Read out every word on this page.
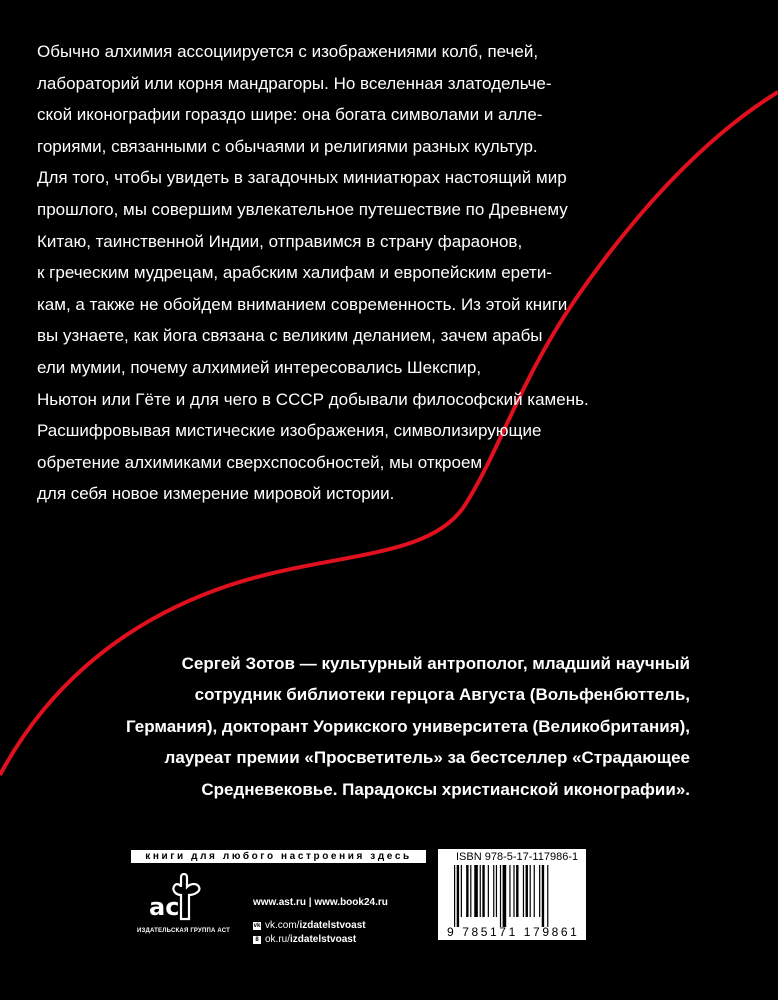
Обычно алхимия ассоциируется с изображениями колб, печей,
лабораторий или корня мандрагоры. Но вселенная златодельче-
ской иконографии гораздо шире: она богата символами и алле-
гориями, связанными с обычаями и религиями разных культур.
Для того, чтобы увидеть в загадочных миниатюрах настоящий мир
прошлого, мы совершим увлекательное путешествие по Древнему
Китаю, таинственной Индии, отправимся в страну фараонов,
к греческим мудрецам, арабским халифам и европейским ерети-
кам, а также не обойдем вниманием современность. Из этой книги
вы узнаете, как йога связана с великим деланием, зачем арабы
ели мумии, почему алхимией интересовались Шекспир,
Ньютон или Гёте и для чего в СССР добывали философский камень.
Расшифровывая мистические изображения, символизирующие
обретение алхимиками сверхспособностей, мы откроем
для себя новое измерение мировой истории.
Сергей Зотов — культурный антрополог, младший научный
сотрудник библиотеки герцога Августа (Вольфенбюттель,
Германия), докторант Уорикского университета (Великобритания),
лауреат премии «Просветитель» за бестселлер «Страдающее
Средневековье. Парадоксы христианской иконографии».
книги для любого настроения здесь
ac
ИЗДАТЕЛЬСКАЯ ГРУППА АСТ
www.ast.ru | www.book24.ru
vk vk.com/izdatelstvoast
8 ok.ru/izdatelstvoast
ISBN 978-5-17-117986-1
9 785171 179861
